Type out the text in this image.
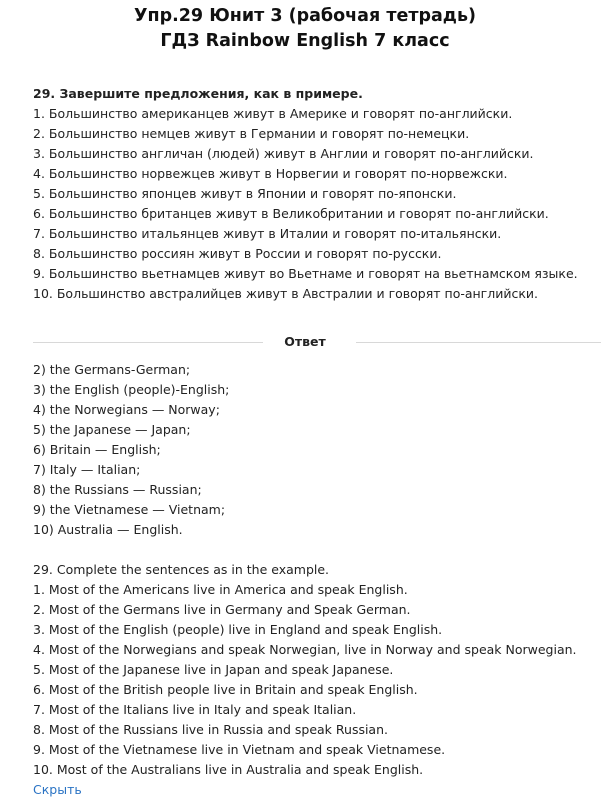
Упр.29 Юнит 3 (рабочая тетрадь)
ГДЗ Rainbow English 7 класс
29. Завершите предложения, как в примере.
1. Большинство американцев живут в Америке и говорят по-английски.
2. Большинство немцев живут в Германии и говорят по-немецки.
3. Большинство англичан (людей) живут в Англии и говорят по-английски.
4. Большинство норвежцев живут в Норвегии и говорят по-норвежски.
5. Большинство японцев живут в Японии и говорят по-японски.
6. Большинство британцев живут в Великобритании и говорят по-английски.
7. Большинство итальянцев живут в Италии и говорят по-итальянски.
8. Большинство россиян живут в России и говорят по-русски.
9. Большинство вьетнамцев живут во Вьетнаме и говорят на вьетнамском языке.
10. Большинство австралийцев живут в Австралии и говорят по-английски.
Ответ
2) the Germans-German;
3) the English (people)-English;
4) the Norwegians — Norway;
5) the Japanese — Japan;
6) Britain — English;
7) Italy — Italian;
8) the Russians — Russian;
9) the Vietnamese — Vietnam;
10) Australia — English.
29. Complete the sentences as in the example.
1. Most of the Americans live in America and speak English.
2. Most of the Germans live in Germany and Speak German.
3. Most of the English (people) live in England and speak English.
4. Most of the Norwegians and speak Norwegian, live in Norway and speak Norwegian.
5. Most of the Japanese live in Japan and speak Japanese.
6. Most of the British people live in Britain and speak English.
7. Most of the Italians live in Italy and speak Italian.
8. Most of the Russians live in Russia and speak Russian.
9. Most of the Vietnamese live in Vietnam and speak Vietnamese.
10. Most of the Australians live in Australia and speak English.
Скрыть
